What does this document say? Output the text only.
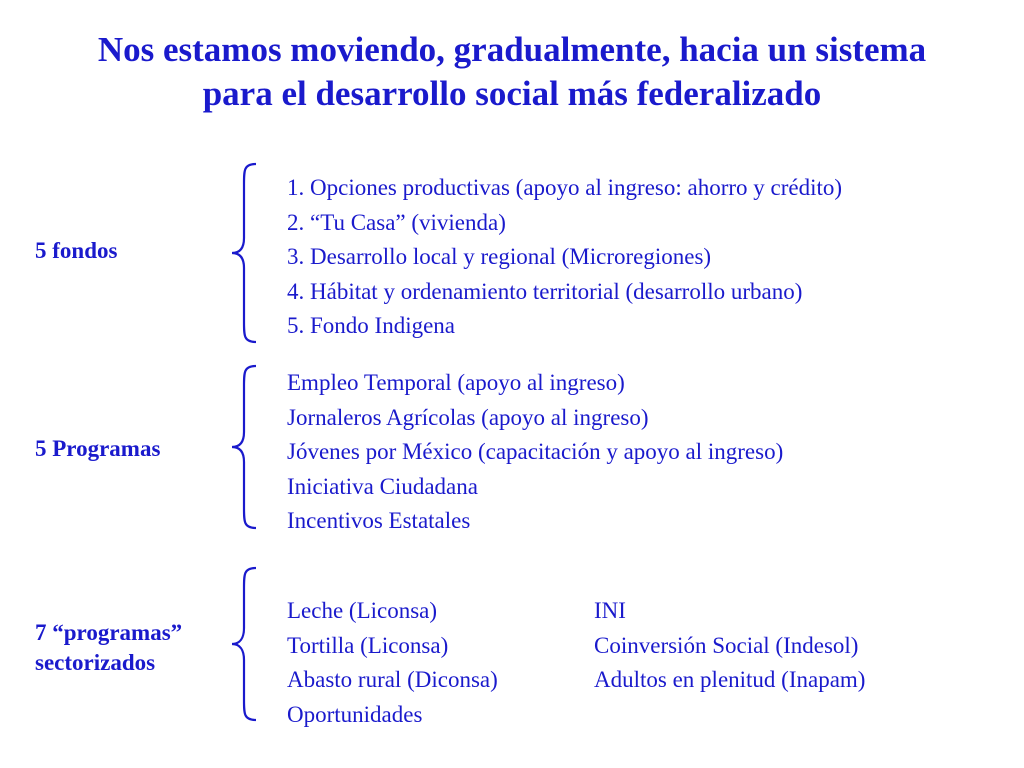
Nos estamos moviendo, gradualmente, hacia un sistema
para el desarrollo social más federalizado
5 fondos
1. Opciones productivas (apoyo al ingreso: ahorro y crédito)
2. “Tu Casa” (vivienda)
3. Desarrollo local y regional (Microregiones)
4. Hábitat y ordenamiento territorial (desarrollo urbano)
5. Fondo Indigena
5 Programas
Empleo Temporal (apoyo al ingreso)
Jornaleros Agrícolas (apoyo al ingreso)
Jóvenes por México (capacitación y apoyo al ingreso)
Iniciativa Ciudadana
Incentivos Estatales
7 “programas”
sectorizados
Leche (Liconsa)
Tortilla (Liconsa)
Abasto rural (Diconsa)
Oportunidades
INI
Coinversión Social (Indesol)
Adultos en plenitud (Inapam)
